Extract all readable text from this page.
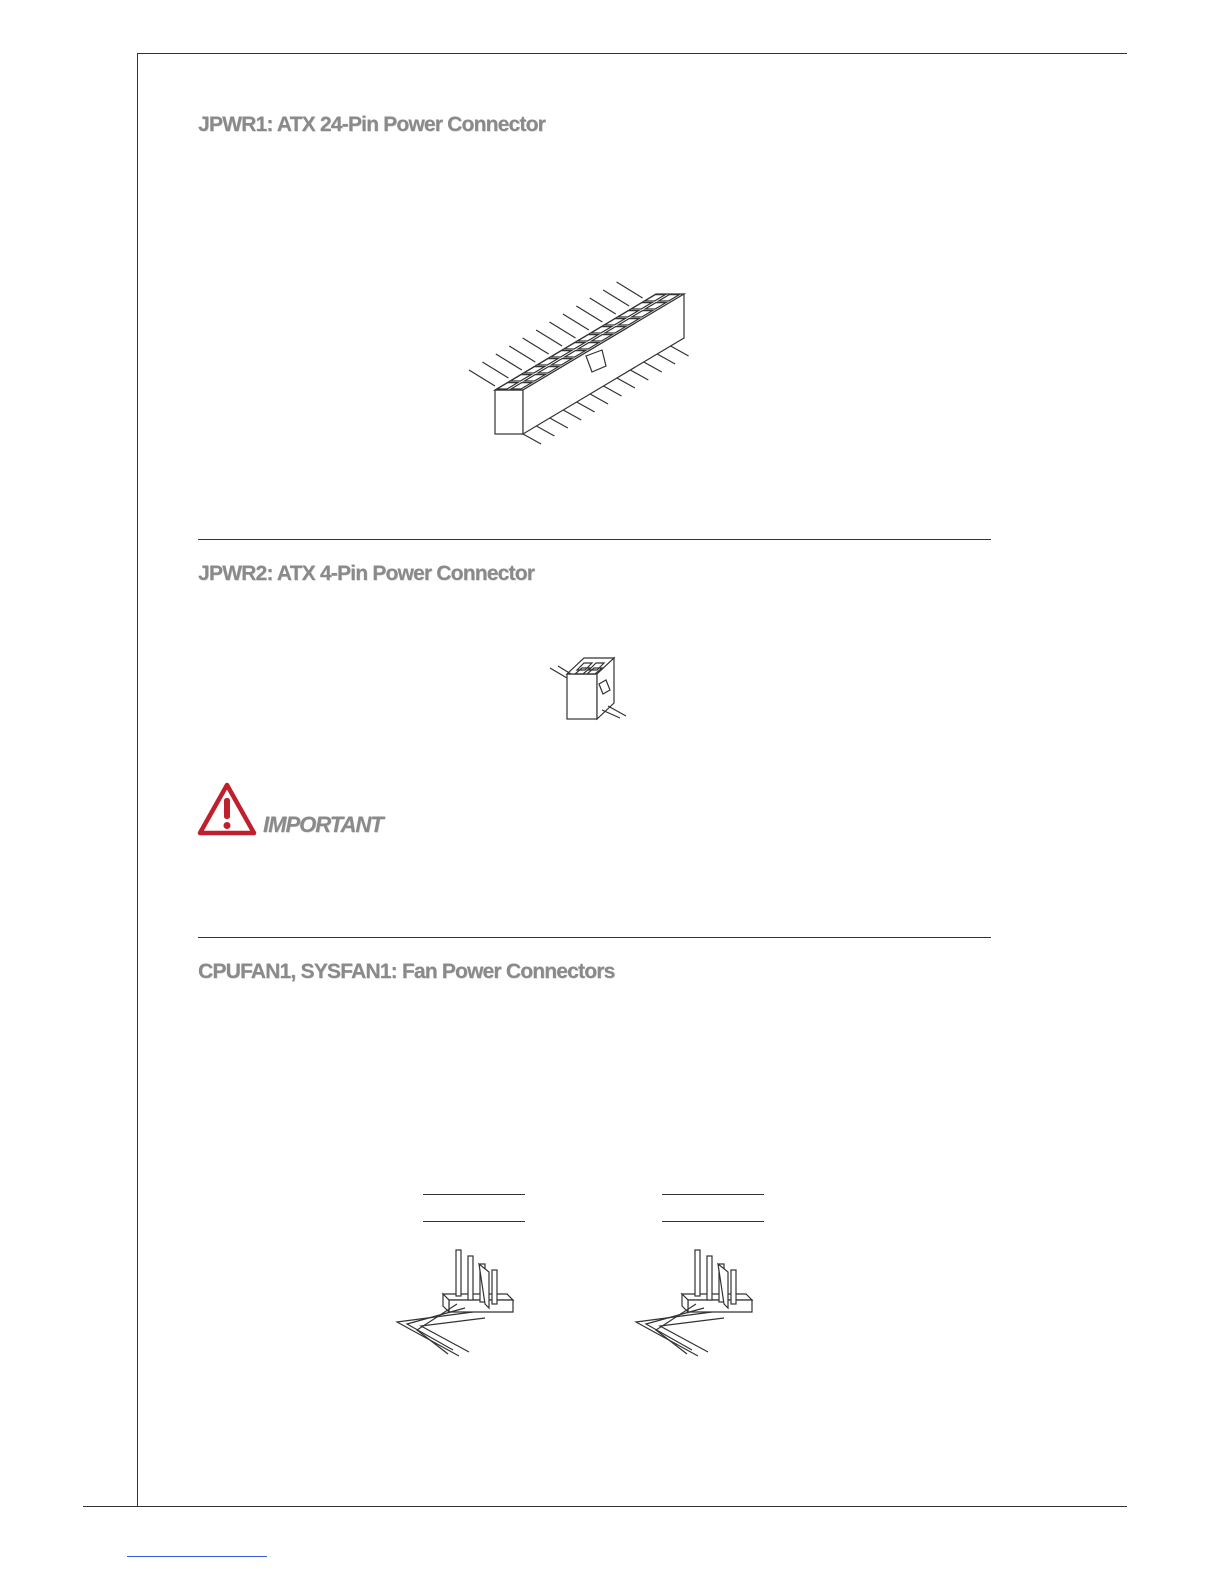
JPWR1: ATX 24-Pin Power Connector
JPWR2: ATX 4-Pin Power Connector
IMPORTANT
CPUFAN1, SYSFAN1: Fan Power Connectors
